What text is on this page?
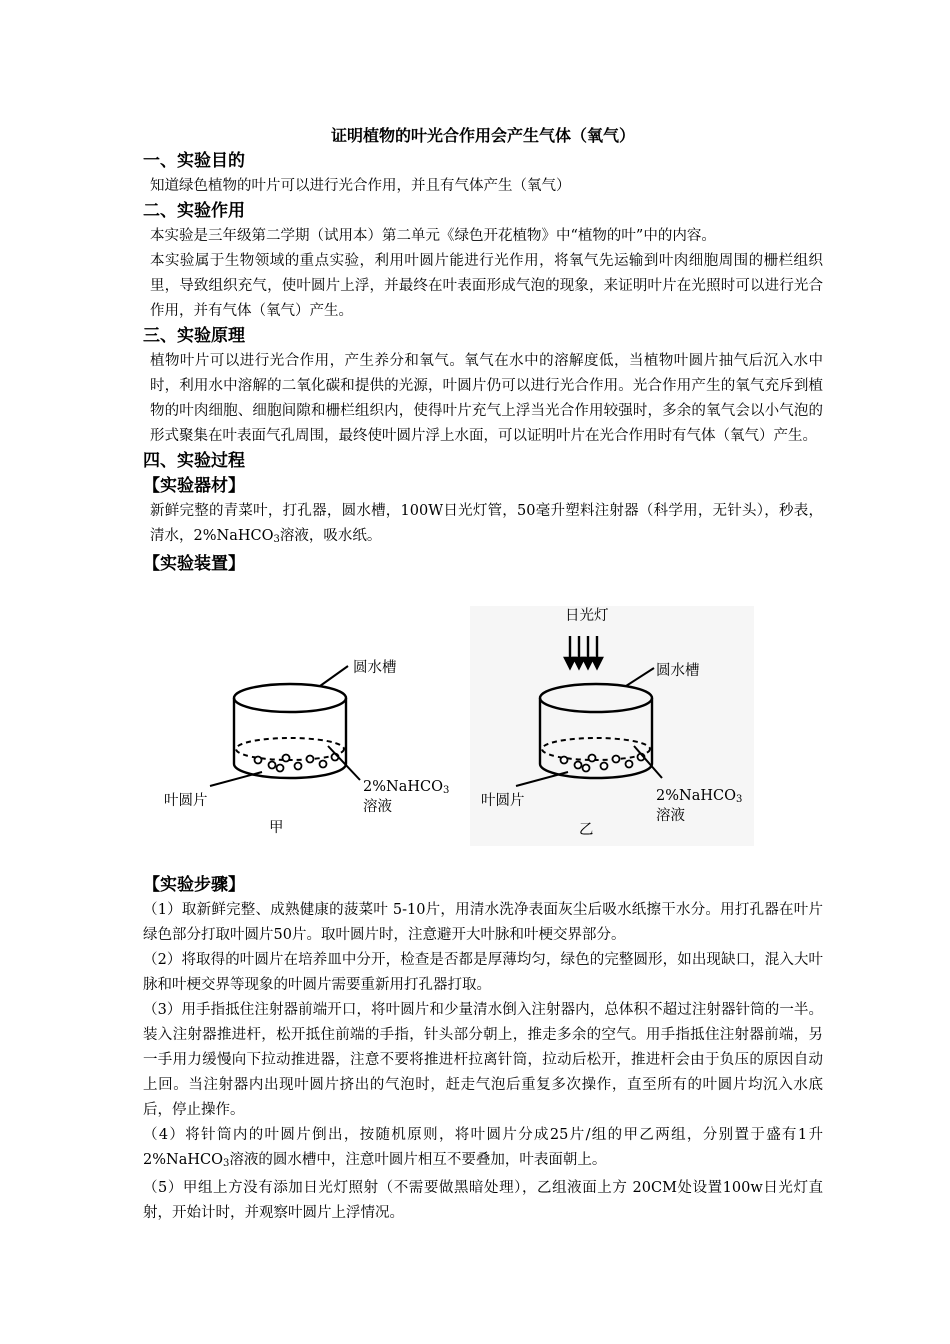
证明植物的叶光合作用会产生气体（氧气）

一、实验目的

知道绿色植物的叶片可以进行光合作用，并且有气体产生（氧气）

二、实验作用

本实验是三年级第二学期（试用本）第二单元《绿色开花植物》中“植物的叶”中的内容。

本实验属于生物领域的重点实验，利用叶圆片能进行光作用，将氧气先运输到叶肉细胞周围的栅栏组织里，导致组织充气，使叶圆片上浮，并最终在叶表面形成气泡的现象，来证明叶片在光照时可以进行光合作用，并有气体（氧气）产生。

三、实验原理

植物叶片可以进行光合作用，产生养分和氧气。氧气在水中的溶解度低，当植物叶圆片抽气后沉入水中时，利用水中溶解的二氧化碳和提供的光源，叶圆片仍可以进行光合作用。光合作用产生的氧气充斥到植物的叶肉细胞、细胞间隙和栅栏组织内，使得叶片充气上浮当光合作用较强时，多余的氧气会以小气泡的形式聚集在叶表面气孔周围，最终使叶圆片浮上水面，可以证明叶片在光合作用时有气体（氧气）产生。

四、实验过程

【实验器材】

新鲜完整的青菜叶，打孔器，圆水槽，100W日光灯管，50毫升塑料注射器（科学用，无针头），秒表，清水，2%NaHCO$_3$溶液，吸水纸。

【实验装置】

日光灯
圆水槽	圆水槽
叶圆片	叶圆片
2%NaHCO$_3$
溶液
2%NaHCO$_3$
溶液
甲	乙

【实验步骤】

（1）取新鲜完整、成熟健康的菠菜叶 5-10片，用清水洗净表面灰尘后吸水纸擦干水分。用打孔器在叶片绿色部分打取叶圆片50片。取叶圆片时，注意避开大叶脉和叶梗交界部分。

（2）将取得的叶圆片在培养皿中分开，检查是否都是厚薄均匀，绿色的完整圆形，如出现缺口，混入大叶脉和叶梗交界等现象的叶圆片需要重新用打孔器打取。

（3）用手指抵住注射器前端开口，将叶圆片和少量清水倒入注射器内，总体积不超过注射器针筒的一半。装入注射器推进杆，松开抵住前端的手指，针头部分朝上，推走多余的空气。用手指抵住注射器前端，另一手用力缓慢向下拉动推进器，注意不要将推进杆拉离针筒，拉动后松开，推进杆会由于负压的原因自动上回。当注射器内出现叶圆片挤出的气泡时，赶走气泡后重复多次操作，直至所有的叶圆片均沉入水底后，停止操作。

（4）将针筒内的叶圆片倒出，按随机原则，将叶圆片分成25片/组的甲乙两组，分别置于盛有1升2%NaHCO$_3$溶液的圆水槽中，注意叶圆片相互不要叠加，叶表面朝上。

（5）甲组上方没有添加日光灯照射（不需要做黑暗处理），乙组液面上方 20CM处设置100w日光灯直射，开始计时，并观察叶圆片上浮情况。
